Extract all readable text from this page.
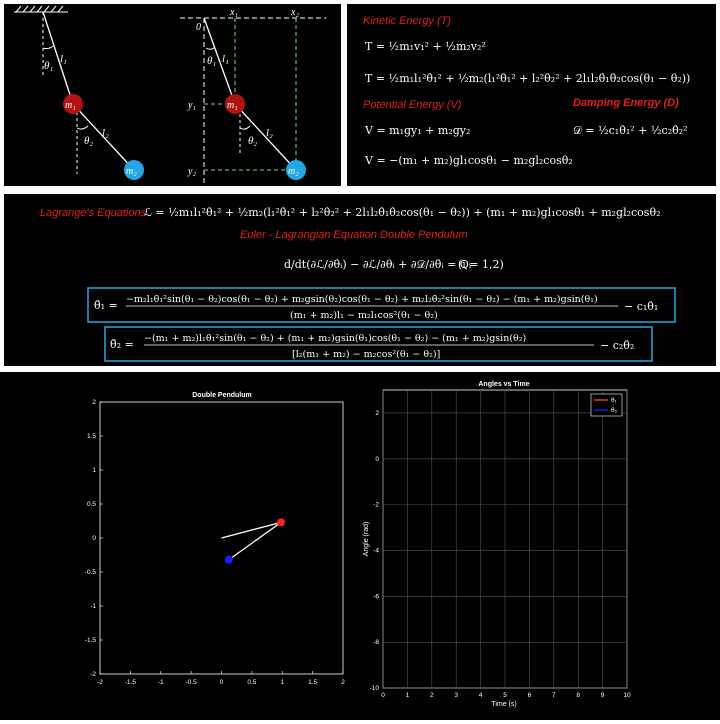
θ₁
l₁
θ₂
l₂
m₁
m₂
x₁	x₂
0
y₁
y₂
θ₁ l₁
θ₂
l₂
m₁
m₂
Kinetic Energy (T)
T = ½m₁v₁² + ½m₂v₂²
T = ½m₁l₁²θ̇₁² + ½m₂(l₁²θ̇₁² + l₂²θ̇₂² + 2l₁l₂θ̇₁θ̇₂cos(θ₁ − θ₂))
Potential Energy (V)	Damping Energy (D)
V = m₁gy₁ + m₂gy₂	𝒟 = ½c₁θ̇₁² + ½c₂θ̇₂²
V = −(m₁ + m₂)gl₁cosθ₁ − m₂gl₂cosθ₂
Lagrange's Equations
ℒ = ½m₁l₁²θ̇₁² + ½m₂(l₁²θ̇₁² + l₂²θ̇₂² + 2l₁l₂θ̇₁θ̇₂cos(θ₁ − θ₂)) + (m₁ + m₂)gl₁cosθ₁ + m₂gl₂cosθ₂
Euler - Lagrangian Equation Double Pendulum
d/dt(∂ℒ/∂θ̇ᵢ) − ∂ℒ/∂θᵢ + ∂𝒟/∂θ̇ᵢ = Qᵢ
(i = 1,2)
θ̈₁ = −m₂l₁θ̇₁²sin(θ₁ − θ₂)cos(θ₁ − θ₂) + m₂gsin(θ₂)cos(θ₁ − θ₂) + m₂l₂θ̇₂²sin(θ₁ − θ₂) − (m₁ + m₂)gsin(θ₁)
(m₁ + m₂)l₁ − m₂l₁cos²(θ₁ − θ₂)
− c₁θ̇₁
θ̈₂ = −(m₁ + m₂)l₁θ̇₁²sin(θ₁ − θ₂) + (m₁ + m₂)gsin(θ₁)cos(θ₁ − θ₂) − (m₁ + m₂)gsin(θ₂)
[l₂(m₁ + m₂) − m₂cos²(θ₁ − θ₂)]
− c₂θ̇₂
Double Pendulum
-2	-1.5	-1	-0.5	0	0.5	1	1.5	2
2
1.5
1
0.5
0
-0.5
-1
-1.5
-2
Angles vs Time
0	1	2	3	4	5	6	7	8	9	10
2
0
-2
-4
-6
-8
-10
Time (s)
Angle (rad)
θ₁
θ₂
